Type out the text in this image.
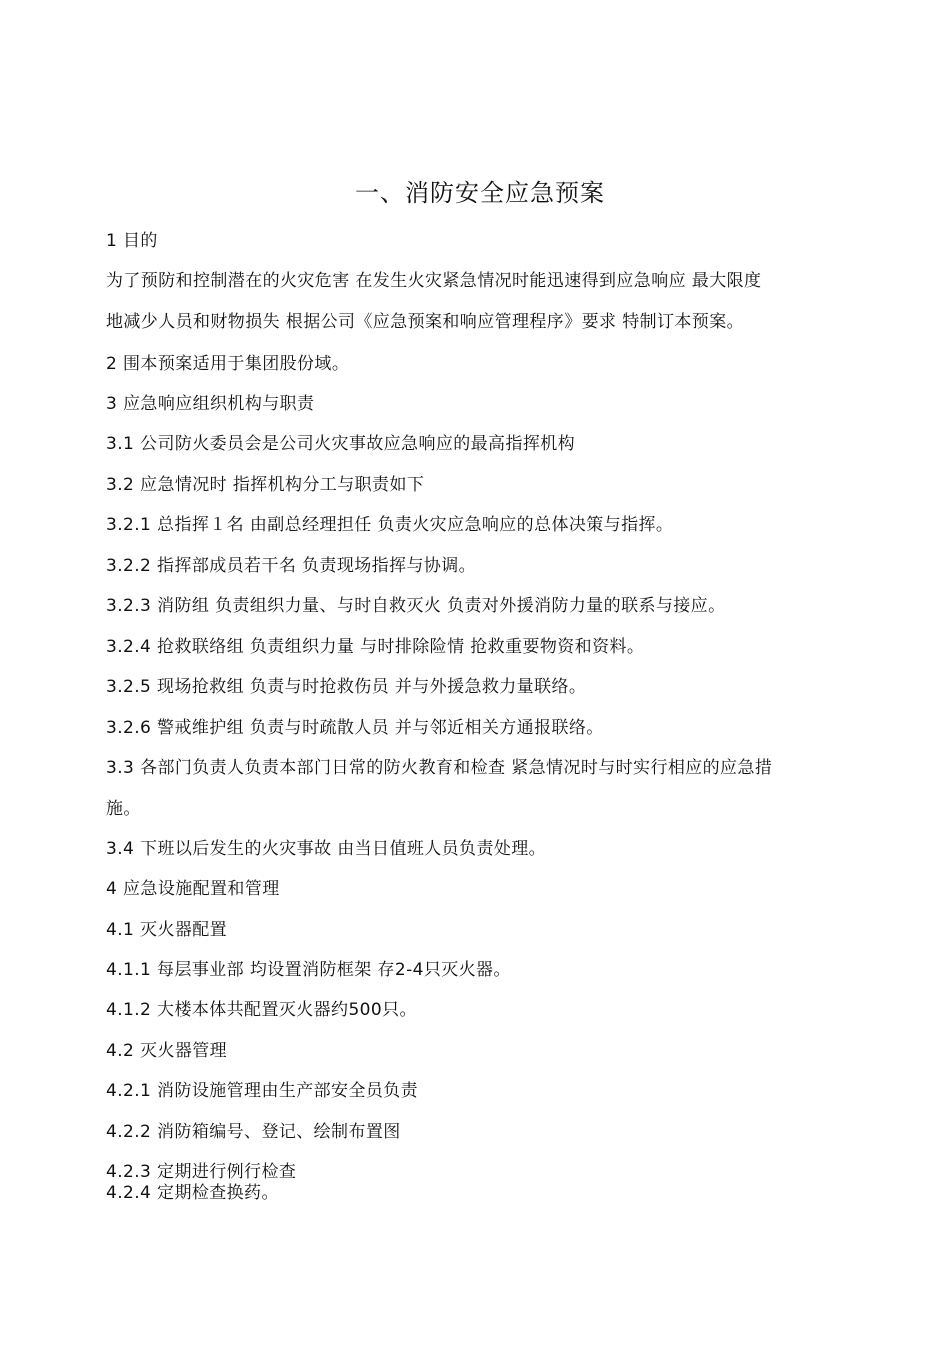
一、消防安全应急预案
1 目的
为了预防和控制潜在的火灾危害 在发生火灾紧急情况时能迅速得到应急响应 最大限度
地减少人员和财物损失 根据公司《应急预案和响应管理程序》要求 特制订本预案。
2 围本预案适用于集团股份域。
3 应急响应组织机构与职责
3.1 公司防火委员会是公司火灾事故应急响应的最高指挥机构
3.2 应急情况时 指挥机构分工与职责如下
3.2.1 总指挥１名 由副总经理担任 负责火灾应急响应的总体决策与指挥。
3.2.2 指挥部成员若干名 负责现场指挥与协调。
3.2.3 消防组 负责组织力量、与时自救灭火 负责对外援消防力量的联系与接应。
3.2.4 抢救联络组 负责组织力量 与时排除险情 抢救重要物资和资料。
3.2.5 现场抢救组 负责与时抢救伤员 并与外援急救力量联络。
3.2.6 警戒维护组 负责与时疏散人员 并与邻近相关方通报联络。
3.3 各部门负责人负责本部门日常的防火教育和检查 紧急情况时与时实行相应的应急措
施。
3.4 下班以后发生的火灾事故 由当日值班人员负责处理。
4 应急设施配置和管理
4.1 灭火器配置
4.1.1 每层事业部 均设置消防框架 存2-4只灭火器。
4.1.2 大楼本体共配置灭火器约500只。
4.2 灭火器管理
4.2.1 消防设施管理由生产部安全员负责
4.2.2 消防箱编号、登记、绘制布置图
4.2.3 定期进行例行检查
4.2.4 定期检查换药。
